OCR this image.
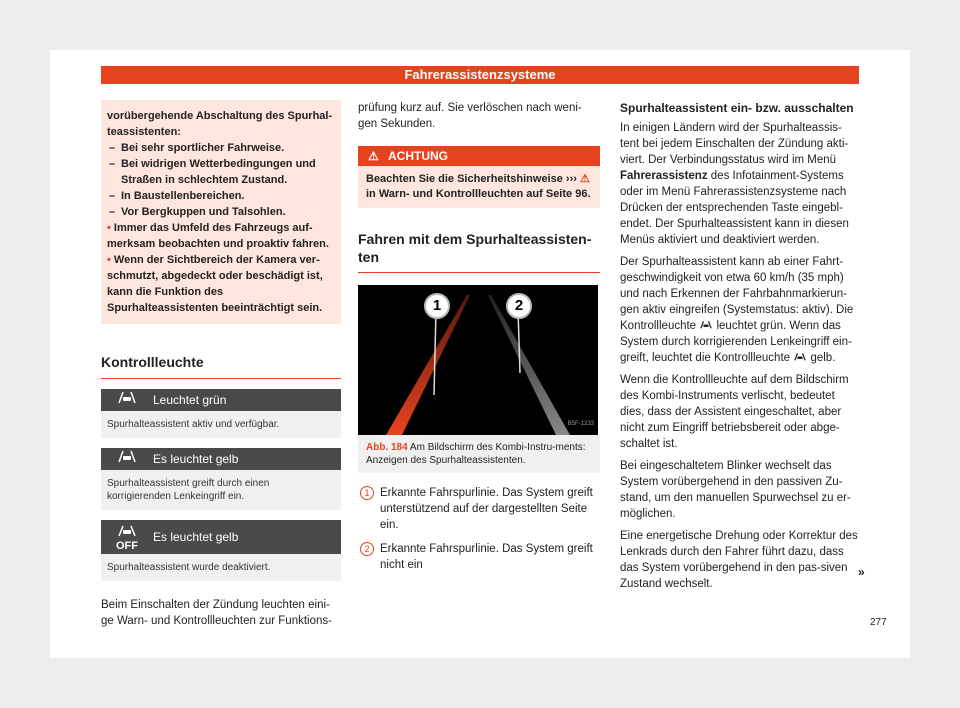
Fahrerassistenzsysteme
vorübergehende Abschaltung des Spurhal-teassistenten:
– Bei sehr sportlicher Fahrweise.
– Bei widrigen Wetterbedingungen und Straßen in schlechtem Zustand.
– In Baustellenbereichen.
– Vor Bergkuppen und Talsohlen.
• Immer das Umfeld des Fahrzeugs auf-merksam beobachten und proaktiv fahren.
• Wenn der Sichtbereich der Kamera ver-schmutzt, abgedeckt oder beschädigt ist, kann die Funktion des Spurhalteassistenten beeinträchtigt sein.
Kontrollleuchte
Leuchtet grün
Spurhalteassistent aktiv und verfügbar.
Es leuchtet gelb
Spurhalteassistent greift durch einen korrigierenden Lenkeingriff ein.

OFF
Es leuchtet gelb
Spurhalteassistent wurde deaktiviert.
Beim Einschalten der Zündung leuchten eini-ge Warn- und Kontrollleuchten zur Funktions-
prüfung kurz auf. Sie verlöschen nach weni-gen Sekunden.
⚠ ACHTUNG
Beachten Sie die Sicherheitshinweise ››› ⚠
in Warn- und Kontrollleuchten auf Seite 96.
Fahren mit dem Spurhalteassisten-ten
1	2
B5F-1233
Abb. 184 Am Bildschirm des Kombi-Instru-ments: Anzeigen des Spurhalteassistenten.
1 Erkannte Fahrspurlinie. Das System greift unterstützend auf der dargestellten Seite ein.
2 Erkannte Fahrspurlinie. Das System greift nicht ein
Spurhalteassistent ein- bzw. ausschalten

In einigen Ländern wird der Spurhalteassis-tent bei jedem Einschalten der Zündung akti-viert. Der Verbindungsstatus wird im Menü Fahrerassistenz des Infotainment-Systems oder im Menü Fahrerassistenzsysteme nach Drücken der entsprechenden Taste eingebl-endet. Der Spurhalteassistent kann in diesen Menüs aktiviert und deaktiviert werden.

Der Spurhalteassistent kann ab einer Fahrt-geschwindigkeit von etwa 60 km/h (35 mph) und nach Erkennen der Fahrbahnmarkierun-gen aktiv eingreifen (Systemstatus: aktiv). Die Kontrollleuchte leuchtet grün. Wenn das System durch korrigierenden Lenkeingriff ein-greift, leuchtet die Kontrollleuchte gelb.

Wenn die Kontrollleuchte auf dem Bildschirm des Kombi-Instruments verlischt, bedeutet dies, dass der Assistent eingeschaltet, aber nicht zum Eingriff betriebsbereit oder abge-schaltet ist.

Bei eingeschaltetem Blinker wechselt das System vorübergehend in den passiven Zu-stand, um den manuellen Spurwechsel zu er-möglichen.

Eine energetische Drehung oder Korrektur des Lenkrads durch den Fahrer führt dazu, dass das System vorübergehend in den pas-siven Zustand wechselt.

»
277
